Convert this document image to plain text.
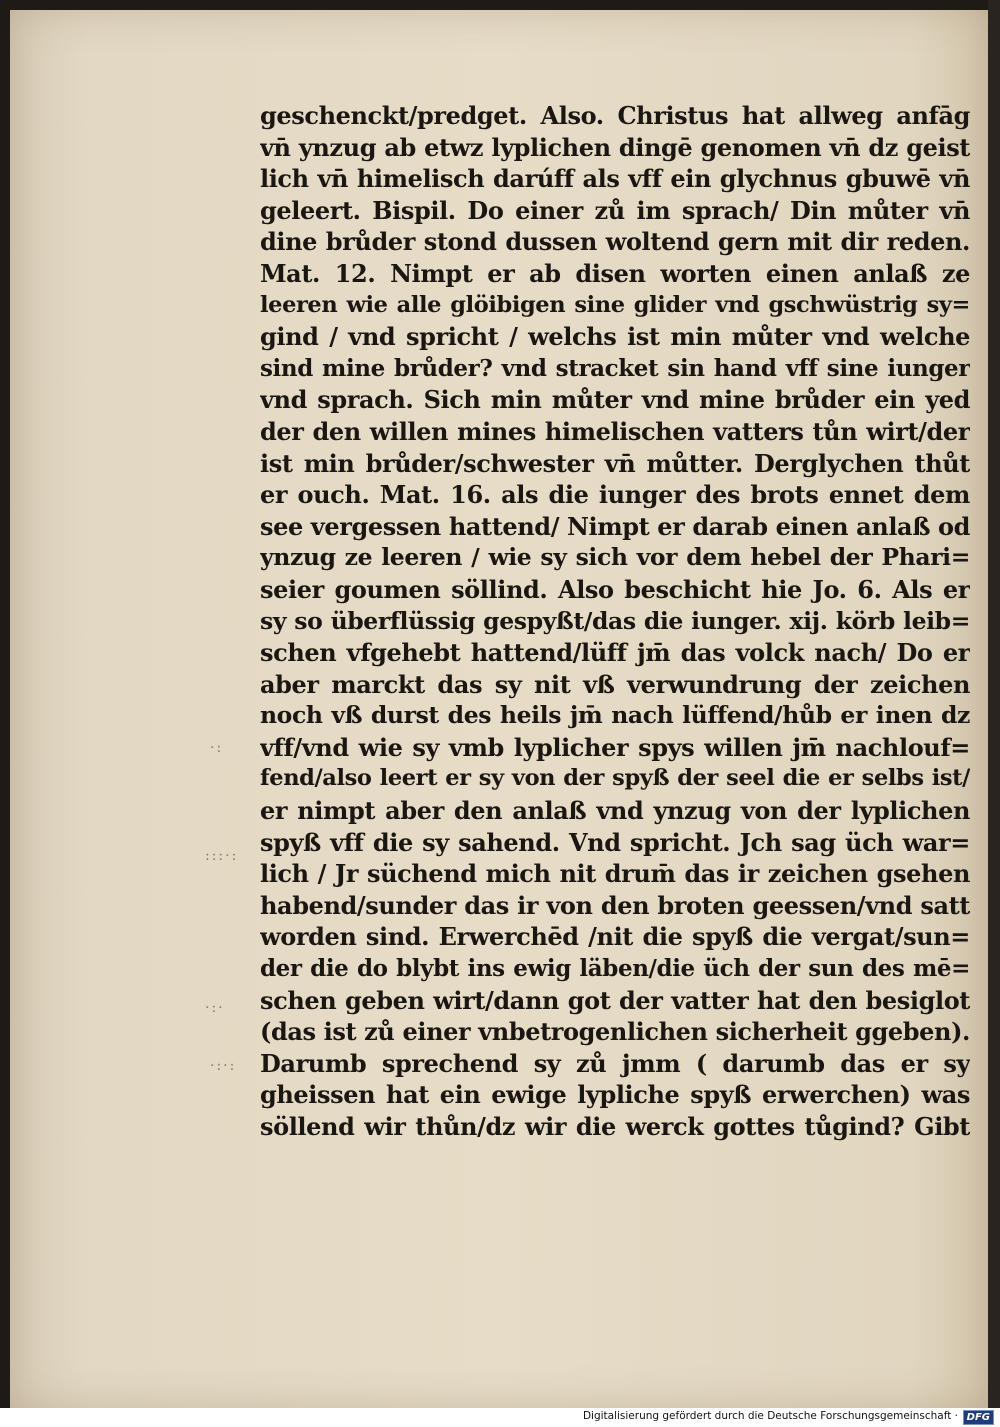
:::·:
·:·
·:·:
·:
geschenckt/predget. Also. Christus hat allweg anfāg
vn̄ ynzug ab etwz lyplichen dingē genomen vn̄ dz geist
lich vn̄ himelisch darúff als vff ein glychnus gbuwē vn̄
geleert. Bispil. Do einer zů im sprach/ Din můter vn̄
dine brůder stond dussen woltend gern mit dir reden.
Mat. 12. Nimpt er ab disen worten einen anlaß ze
leeren wie alle glöibigen sine glider vnd gschwüstrig sy=
gind / vnd spricht / welchs ist min můter vnd welche
sind mine brůder? vnd stracket sin hand vff sine iunger
vnd sprach. Sich min můter vnd mine brůder ein yed
der den willen mines himelischen vatters tůn wirt/der
ist min brůder/schwester vn̄ můtter. Derglychen thůt
er ouch. Mat. 16. als die iunger des brots ennet dem
see vergessen hattend/ Nimpt er darab einen anlaß od
ynzug ze leeren / wie sy sich vor dem hebel der Phari=
seier goumen söllind. Also beschicht hie Jo. 6. Als er
sy so überflüssig gespyßt/das die iunger. xij. körb leib=
schen vfgehebt hattend/lüff jm̄ das volck nach/ Do er
aber marckt das sy nit vß verwundrung der zeichen
noch vß durst des heils jm̄ nach lüffend/hůb er inen dz
vff/vnd wie sy vmb lyplicher spys willen jm̄ nachlouf=
fend/also leert er sy von der spyß der seel die er selbs ist/
er nimpt aber den anlaß vnd ynzug von der lyplichen
spyß vff die sy sahend. Vnd spricht. Jch sag üch war=
lich / Jr süchend mich nit drum̄ das ir zeichen gsehen
habend/sunder das ir von den broten geessen/vnd satt
worden sind. Erwerchēd /nit die spyß die vergat/sun=
der die do blybt ins ewig läben/die üch der sun des mē=
schen geben wirt/dann got der vatter hat den besiglot
(das ist zů einer vnbetrogenlichen sicherheit ggeben).
Darumb sprechend sy zů jmm ( darumb das er sy
gheissen hat ein ewige lypliche spyß erwerchen) was
söllend wir thůn/dz wir die werck gottes tůgind? Gibt
Digitalisierung gefördert durch die Deutsche Forschungsgemeinschaft · DFG
